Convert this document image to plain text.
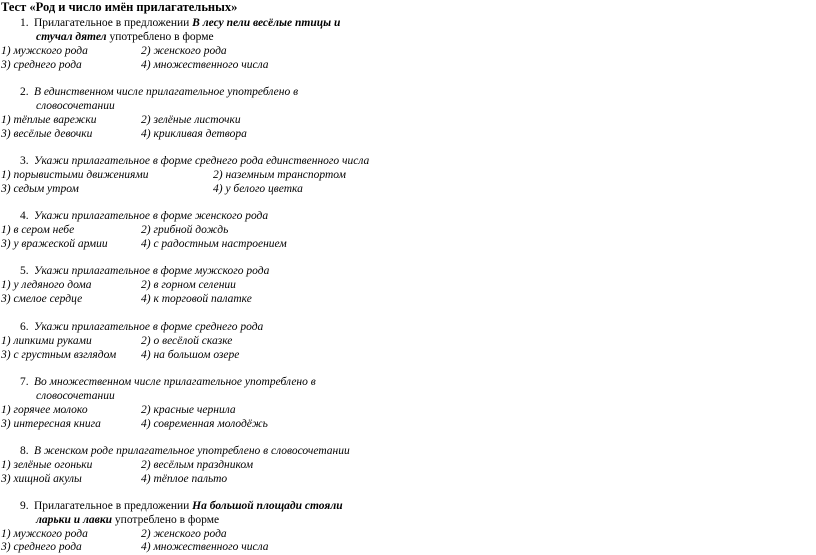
Тест «Род и число имён прилагательных»
1. Прилагательное в предложении В лесу пели весёлые птицы и
стучал дятел употреблено в форме
1) мужского рода	2) женского рода
3) среднего рода	4) множественного числа
2. В единственном числе прилагательное употреблено в
словосочетании
1) тёплые варежки	2) зелёные листочки
3) весёлые девочки	4) крикливая детвора
3. Укажи прилагательное в форме среднего рода единственного числа
1) порывистыми движениями	2) наземным транспортом
3) седым утром	4) у белого цветка
4. Укажи прилагательное в форме женского рода
1) в сером небе	2) грибной дождь
3) у вражеской армии	4) с радостным настроением
5. Укажи прилагательное в форме мужского рода
1) у ледяного дома	2) в горном селении
3) смелое сердце	4) к торговой палатке
6. Укажи прилагательное в форме среднего рода
1) липкими руками	2) о весёлой сказке
3) с грустным взглядом 4) на большом озере
7. Во множественном числе прилагательное употреблено в
словосочетании
1) горячее молоко	2) красные чернила
3) интересная книга	4) современная молодёжь
8. В женском роде прилагательное употреблено в словосочетании
1) зелёные огоньки	2) весёлым праздником
3) хищной акулы	4) тёплое пальто
9. Прилагательное в предложении На большой площади стояли
ларьки и лавки употреблено в форме
1) мужского рода	2) женского рода
3) среднего рода	4) множественного числа
